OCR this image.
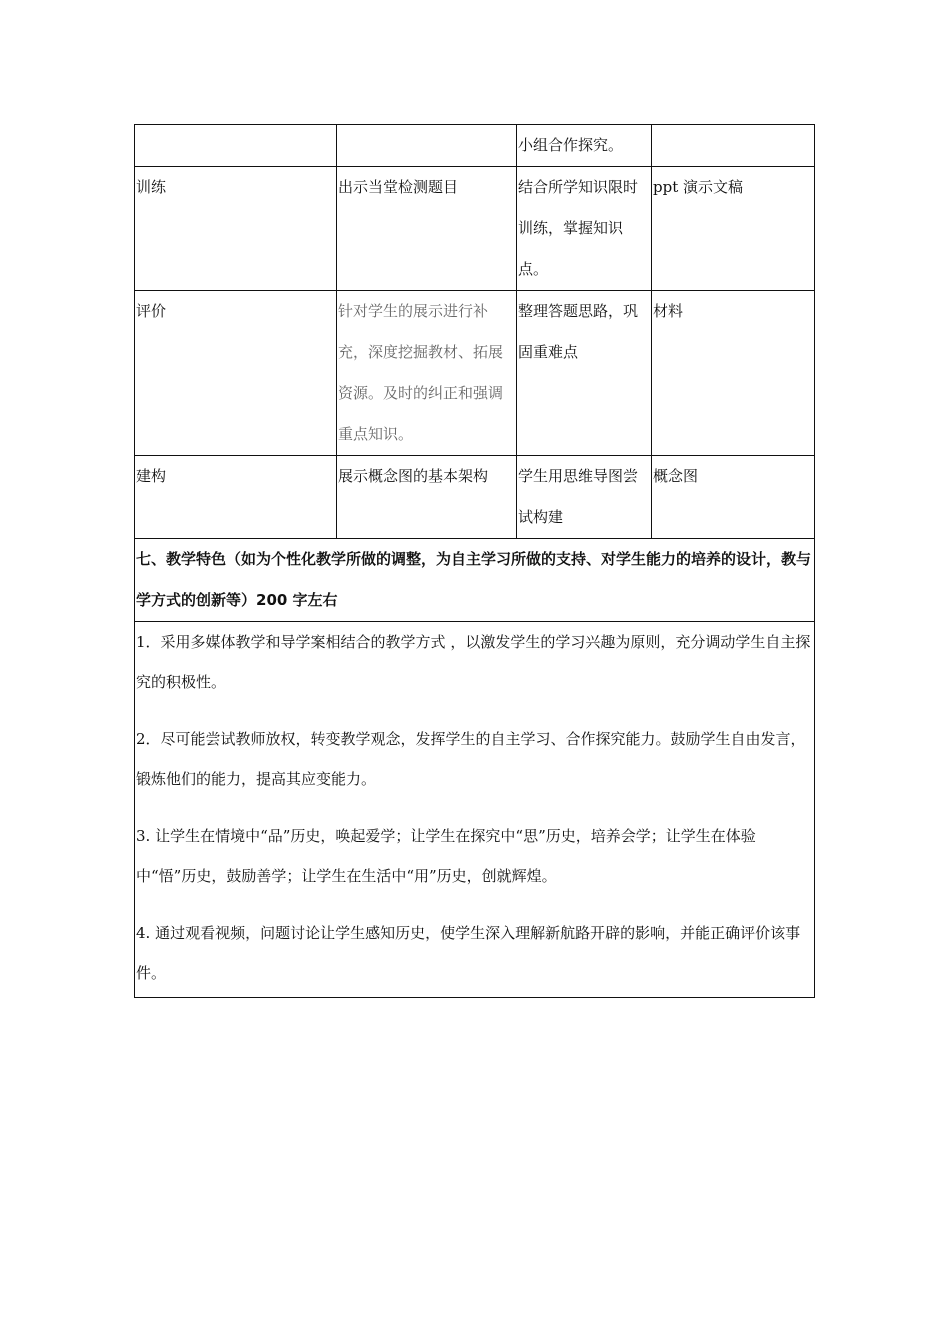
		小组合作探究。	
训练	出示当堂检测题目	结合所学知识限时训练，掌握知识点。	ppt 演示文稿
评价	针对学生的展示进行补充，深度挖掘教材、拓展资源。及时的纠正和强调重点知识。	整理答题思路，巩固重难点	材料
建构	展示概念图的基本架构	学生用思维导图尝试构建	概念图
七、教学特色（如为个性化教学所做的调整，为自主学习所做的支持、对学生能力的培养的设计，教与学方式的创新等）200 字左右			

1．采用多媒体教学和导学案相结合的教学方式 ，以激发学生的学习兴趣为原则，充分调动学生自主探究的积极性。

2．尽可能尝试教师放权，转变教学观念，发挥学生的自主学习、合作探究能力。鼓励学生自由发言，锻炼他们的能力，提高其应变能力。

3. 让学生在情境中“品”历史，唤起爱学；让学生在探究中“思”历史，培养会学；让学生在体验中“悟”历史，鼓励善学；让学生在生活中“用”历史，创就辉煌。

4. 通过观看视频，问题讨论让学生感知历史，使学生深入理解新航路开辟的影响，并能正确评价该事件。			
